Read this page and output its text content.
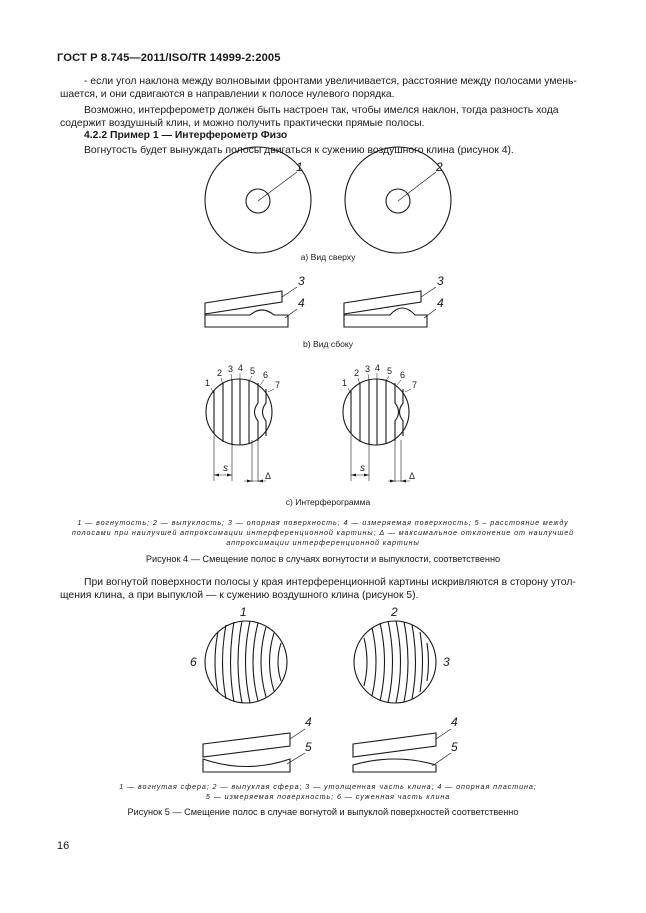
ГОСТ Р 8.745—2011/ISO/TR 14999-2:2005
- если угол наклона между волновыми фронтами увеличивается, расстояние между полосами умень-
шается, и они сдвигаются в направлении к полосе нулевого порядка.
Возможно, интерферометр должен быть настроен так, чтобы имелся наклон, тогда разность хода
содержит воздушный клин, и можно получить практически прямые полосы.
4.2.2 Пример 1 — Интерферометр Физо
Вогнутость будет вынуждать полосы двигаться к сужению воздушного клина (рисунок 4).
1	2
a) Вид сверху
3
4
3
4
b) Вид сбоку
1
2 3 4 5 6
7	1
2 3 4 5 6
7
s
Δ
s
Δ
c) Интерферограмма
1 — вогнутость; 2 — выпуклость; 3 — опорная поверхность; 4 — измеряемая поверхность; 5 – расстояние между
полосами при наилучшей аппроксимации интерференционной картины; Δ — максимальное отклонение от наилучшей
аппроксимации интерференционной картины
Рисунок 4 — Смещение полос в случаях вогнутости и выпуклости, соответственно
При вогнутой поверхности полосы у края интерференционной картины искривляются в сторону утол-
щения клина, а при выпуклой — к сужению воздушного клина (рисунок 5).
1	2
6	3
4
5
4
5
1 — вогнутая сфера; 2 — выпуклая сфера; 3 — утолщенная часть клина; 4 — опорная пластина;
5 — измеряемая поверхность; 6 — суженная часть клина
Рисунок 5 — Смещение полос в случае вогнутой и выпуклой поверхностей соответственно
16
